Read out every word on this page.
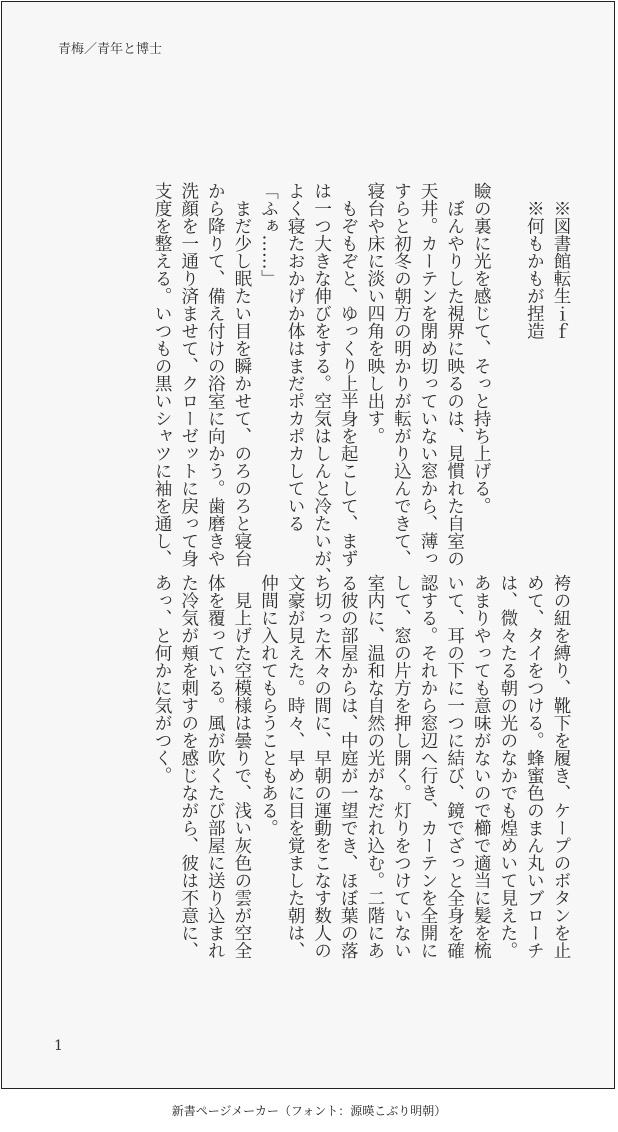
青梅／青年と博士
　※図書館転生ｉｆ
　※何もかもが捏造

瞼の裏に光を感じて、そっと持ち上げる。
　ぼんやりした視界に映るのは、見慣れた自室の
天井。カーテンを閉め切っていない窓から、薄っ
すらと初冬の朝方の明かりが転がり込んできて、
寝台や床に淡い四角を映し出す。
　もぞもぞと、ゆっくり上半身を起こして、まず
は一つ大きな伸びをする。空気はしんと冷たいが、
よく寝たおかげか体はまだポカポカしている
「ふぁ……」
　まだ少し眠たい目を瞬かせて、のろのろと寝台
から降りて、備え付けの浴室に向かう。歯磨きや
洗顔を一通り済ませて、クローゼットに戻って身
支度を整える。いつもの黒いシャツに袖を通し、
袴の紐を縛り、靴下を履き、ケープのボタンを止
めて、タイをつける。蜂蜜色のまん丸いブローチ
は、微々たる朝の光のなかでも煌めいて見えた。
あまりやっても意味がないので櫛で適当に髪を梳
いて、耳の下に一つに結び、鏡でざっと全身を確
認する。それから窓辺へ行き、カーテンを全開に
して、窓の片方を押し開く。灯りをつけていない
室内に、温和な自然の光がなだれ込む。二階にあ
る彼の部屋からは、中庭が一望でき、ほぼ葉の落
ち切った木々の間に、早朝の運動をこなす数人の
文豪が見えた。時々、早めに目を覚ました朝は、
仲間に入れてもらうこともある。
　見上げた空模様は曇りで、浅い灰色の雲が空全
体を覆っている。風が吹くたび部屋に送り込まれ
た冷気が頬を刺すのを感じながら、彼は不意に、
あっ、と何かに気がつく。
1
新書ページメーカー（フォント：源暎こぶり明朝）
